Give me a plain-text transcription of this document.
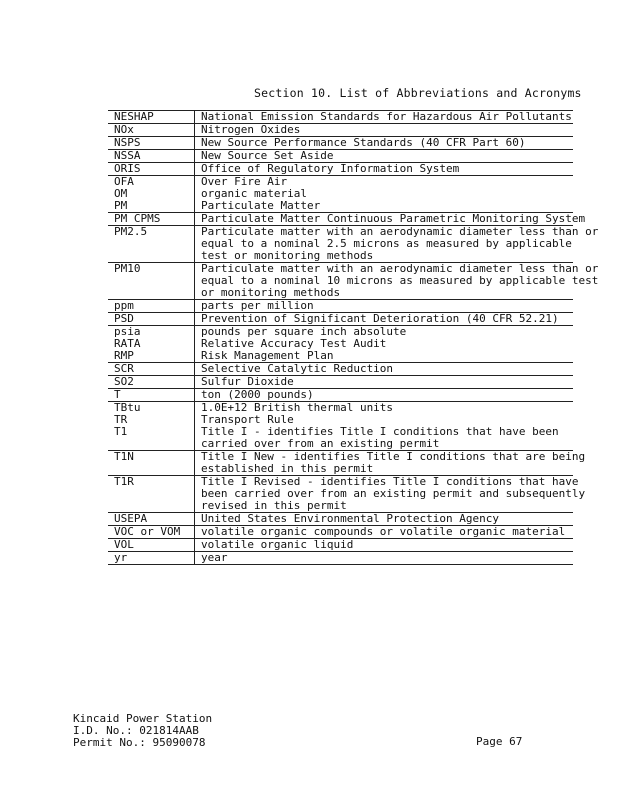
Section 10. List of Abbreviations and Acronyms
NESHAP	National Emission Standards for Hazardous Air Pollutants

NOx	Nitrogen Oxides

NSPS	New Source Performance Standards (40 CFR Part 60)

NSSA	New Source Set Aside

ORIS	Office of Regulatory Information System

OFA	Over Fire Air

OM	organic material

PM	Particulate Matter

PM CPMS	Particulate Matter Continuous Parametric Monitoring System

PM2.5	Particulate matter with an aerodynamic diameter less than or
equal to a nominal 2.5 microns as measured by applicable
test or monitoring methods

PM10	Particulate matter with an aerodynamic diameter less than or
equal to a nominal 10 microns as measured by applicable test
or monitoring methods

ppm	parts per million

PSD	Prevention of Significant Deterioration (40 CFR 52.21)

psia	pounds per square inch absolute

RATA	Relative Accuracy Test Audit

RMP	Risk Management Plan

SCR	Selective Catalytic Reduction

SO2	Sulfur Dioxide

T	ton (2000 pounds)

TBtu	1.0E+12 British thermal units

TR	Transport Rule

T1	Title I - identifies Title I conditions that have been
carried over from an existing permit

T1N	Title I New - identifies Title I conditions that are being
established in this permit

T1R	Title I Revised - identifies Title I conditions that have
been carried over from an existing permit and subsequently
revised in this permit

USEPA	United States Environmental Protection Agency

VOC or VOM	volatile organic compounds or volatile organic material

VOL	volatile organic liquid

yr	year
Kincaid Power Station
I.D. No.: 021814AAB
Permit No.: 95090078	Page 67
